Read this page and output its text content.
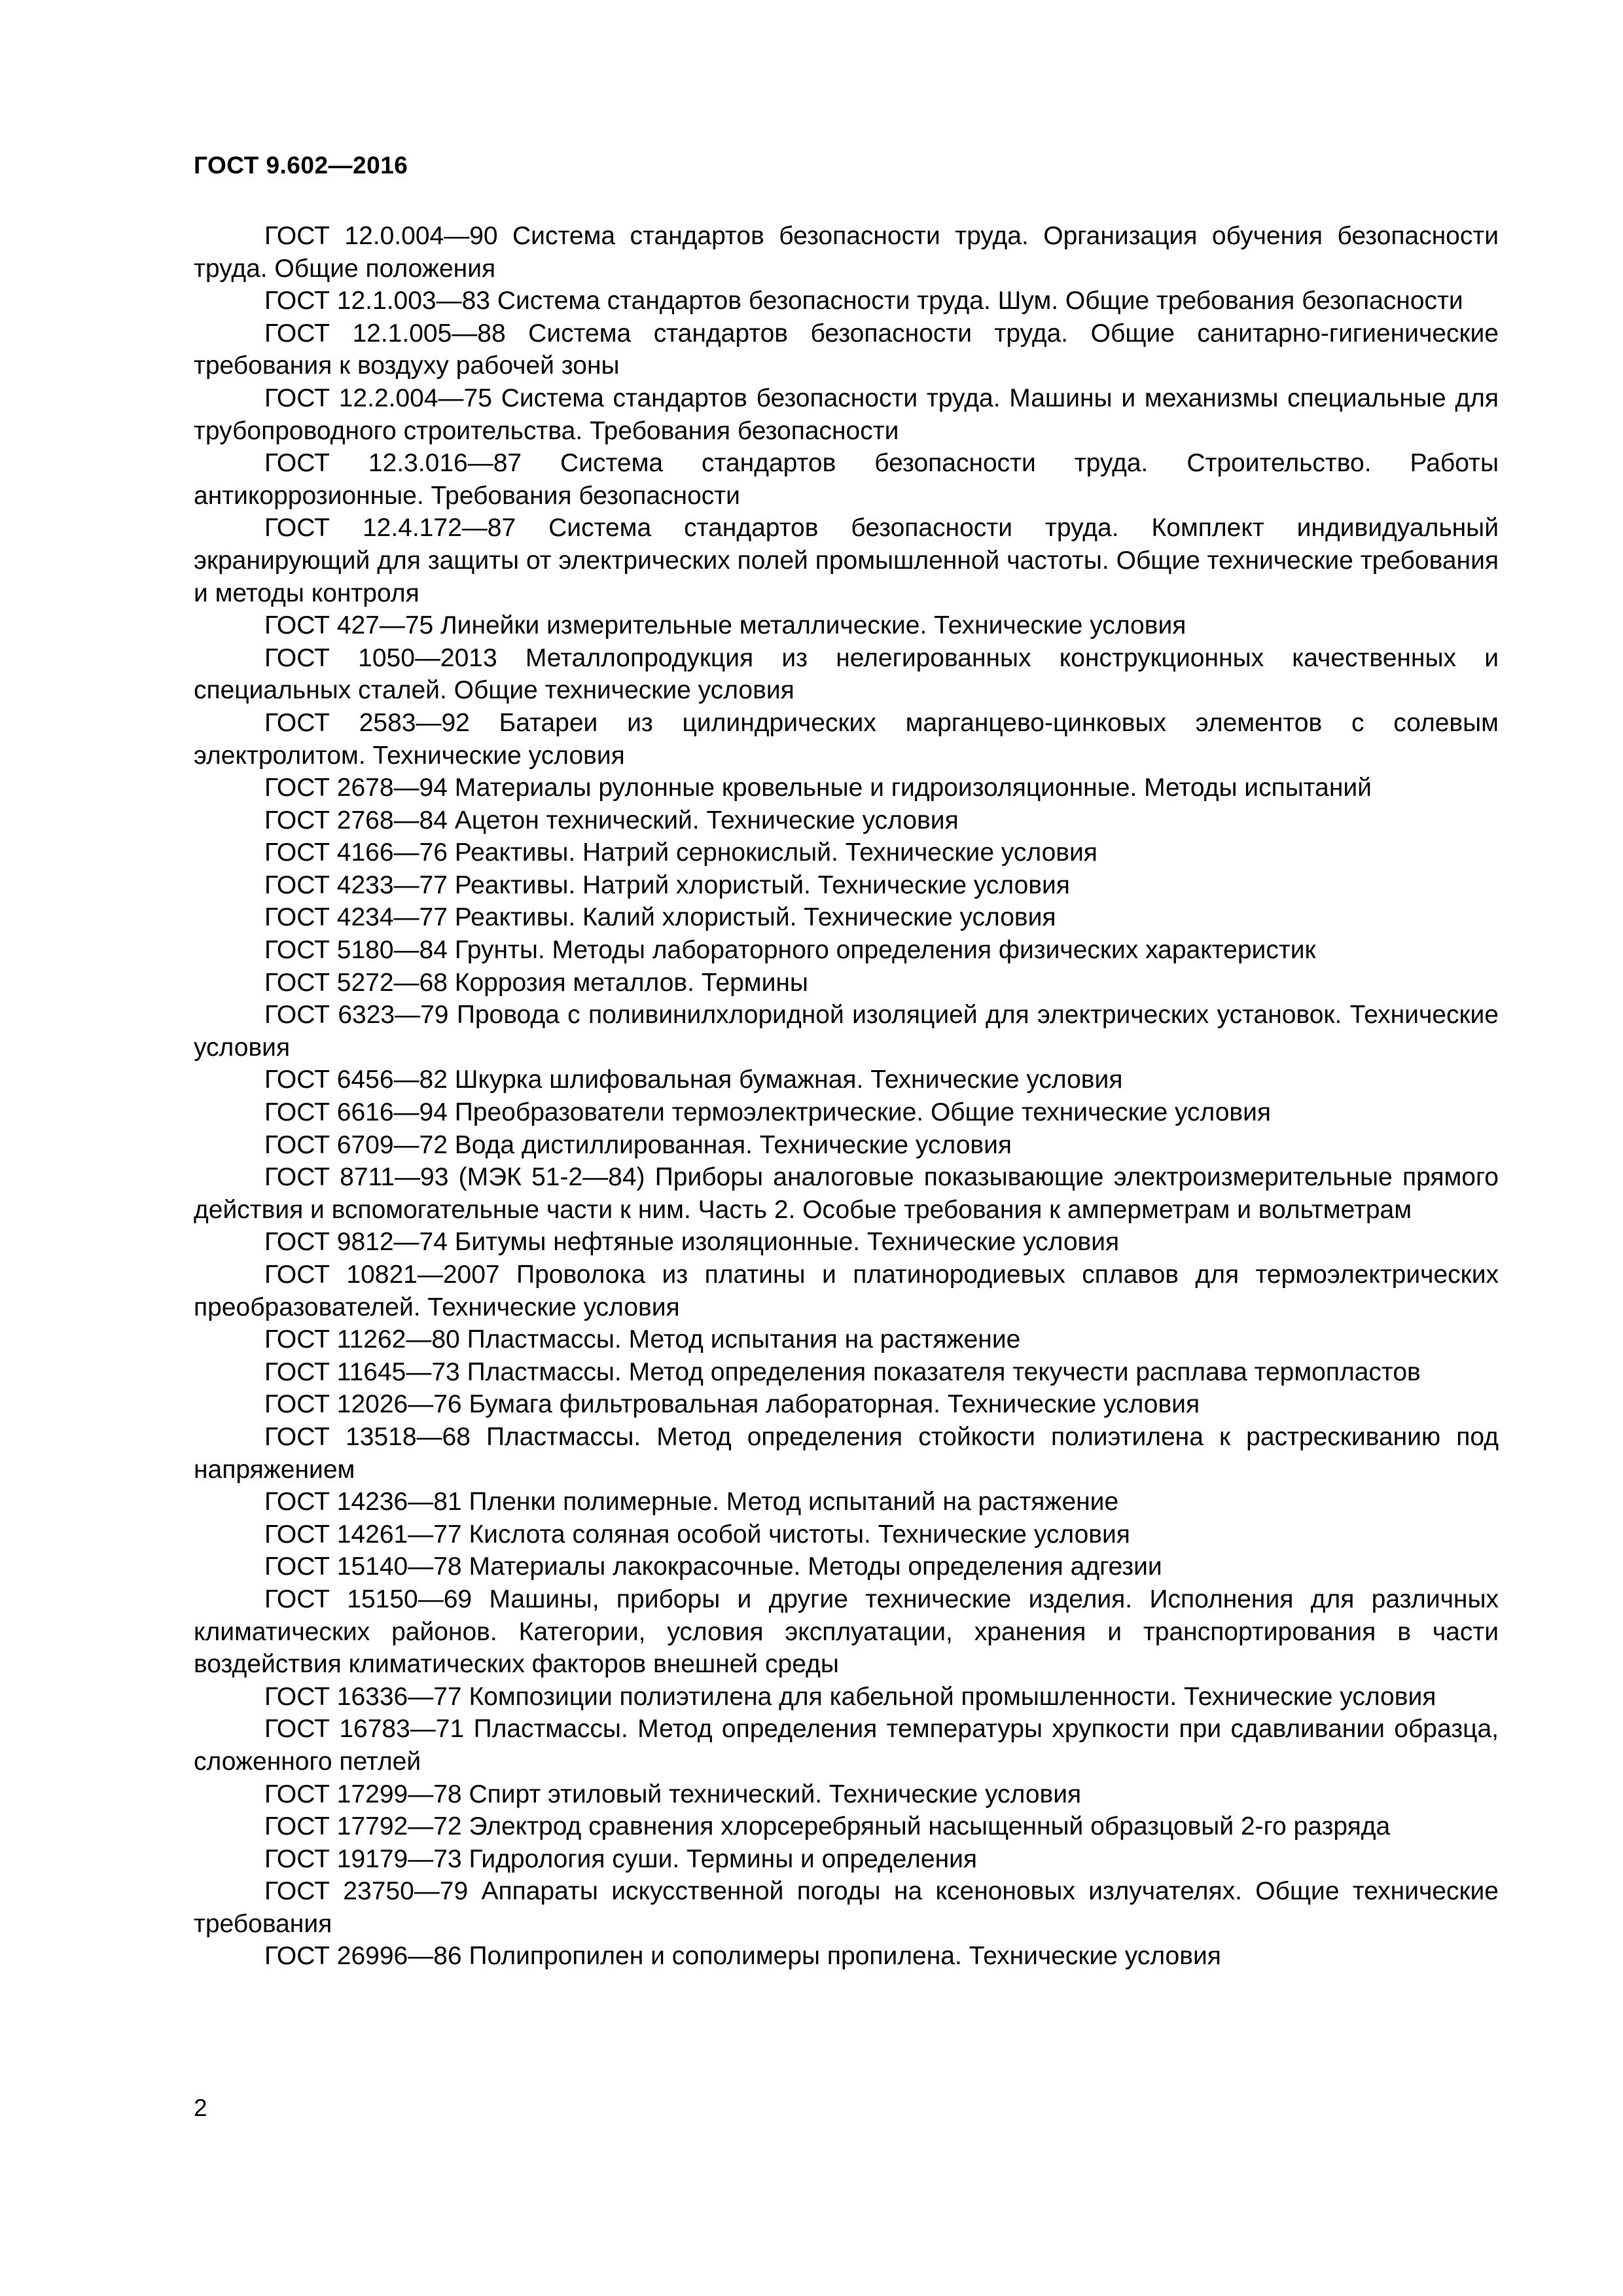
ГОСТ 9.602—2016
ГОСТ 12.0.004—90 Система стандартов безопасности труда. Организация обучения безопасности труда. Общие положения
ГОСТ 12.1.003—83 Система стандартов безопасности труда. Шум. Общие требования безопасности
ГОСТ 12.1.005—88 Система стандартов безопасности труда. Общие санитарно-гигиенические требования к воздуху рабочей зоны
ГОСТ 12.2.004—75 Система стандартов безопасности труда. Машины и механизмы специальные для трубопроводного строительства. Требования безопасности
ГОСТ 12.3.016—87 Система стандартов безопасности труда. Строительство. Работы антикоррозионные. Требования безопасности
ГОСТ 12.4.172—87 Система стандартов безопасности труда. Комплект индивидуальный экранирующий для защиты от электрических полей промышленной частоты. Общие технические требования и методы контроля
ГОСТ 427—75 Линейки измерительные металлические. Технические условия
ГОСТ 1050—2013 Металлопродукция из нелегированных конструкционных качественных и специальных сталей. Общие технические условия
ГОСТ 2583—92 Батареи из цилиндрических марганцево-цинковых элементов с солевым электролитом. Технические условия
ГОСТ 2678—94 Материалы рулонные кровельные и гидроизоляционные. Методы испытаний
ГОСТ 2768—84 Ацетон технический. Технические условия
ГОСТ 4166—76 Реактивы. Натрий сернокислый. Технические условия
ГОСТ 4233—77 Реактивы. Натрий хлористый. Технические условия
ГОСТ 4234—77 Реактивы. Калий хлористый. Технические условия
ГОСТ 5180—84 Грунты. Методы лабораторного определения физических характеристик
ГОСТ 5272—68 Коррозия металлов. Термины
ГОСТ 6323—79 Провода с поливинилхлоридной изоляцией для электрических установок. Технические условия
ГОСТ 6456—82 Шкурка шлифовальная бумажная. Технические условия
ГОСТ 6616—94 Преобразователи термоэлектрические. Общие технические условия
ГОСТ 6709—72 Вода дистиллированная. Технические условия
ГОСТ 8711—93 (МЭК 51-2—84) Приборы аналоговые показывающие электроизмерительные прямого действия и вспомогательные части к ним. Часть 2. Особые требования к амперметрам и вольтметрам
ГОСТ 9812—74 Битумы нефтяные изоляционные. Технические условия
ГОСТ 10821—2007 Проволока из платины и платинородиевых сплавов для термоэлектрических преобразователей. Технические условия
ГОСТ 11262—80 Пластмассы. Метод испытания на растяжение
ГОСТ 11645—73 Пластмассы. Метод определения показателя текучести расплава термопластов
ГОСТ 12026—76 Бумага фильтровальная лабораторная. Технические условия
ГОСТ 13518—68 Пластмассы. Метод определения стойкости полиэтилена к растрескиванию под напряжением
ГОСТ 14236—81 Пленки полимерные. Метод испытаний на растяжение
ГОСТ 14261—77 Кислота соляная особой чистоты. Технические условия
ГОСТ 15140—78 Материалы лакокрасочные. Методы определения адгезии
ГОСТ 15150—69 Машины, приборы и другие технические изделия. Исполнения для различных климатических районов. Категории, условия эксплуатации, хранения и транспортирования в части воздействия климатических факторов внешней среды
ГОСТ 16336—77 Композиции полиэтилена для кабельной промышленности. Технические условия
ГОСТ 16783—71 Пластмассы. Метод определения температуры хрупкости при сдавливании образца, сложенного петлей
ГОСТ 17299—78 Спирт этиловый технический. Технические условия
ГОСТ 17792—72 Электрод сравнения хлорсеребряный насыщенный образцовый 2-го разряда
ГОСТ 19179—73 Гидрология суши. Термины и определения
ГОСТ 23750—79 Аппараты искусственной погоды на ксеноновых излучателях. Общие технические требования
ГОСТ 26996—86 Полипропилен и сополимеры пропилена. Технические условия
2
